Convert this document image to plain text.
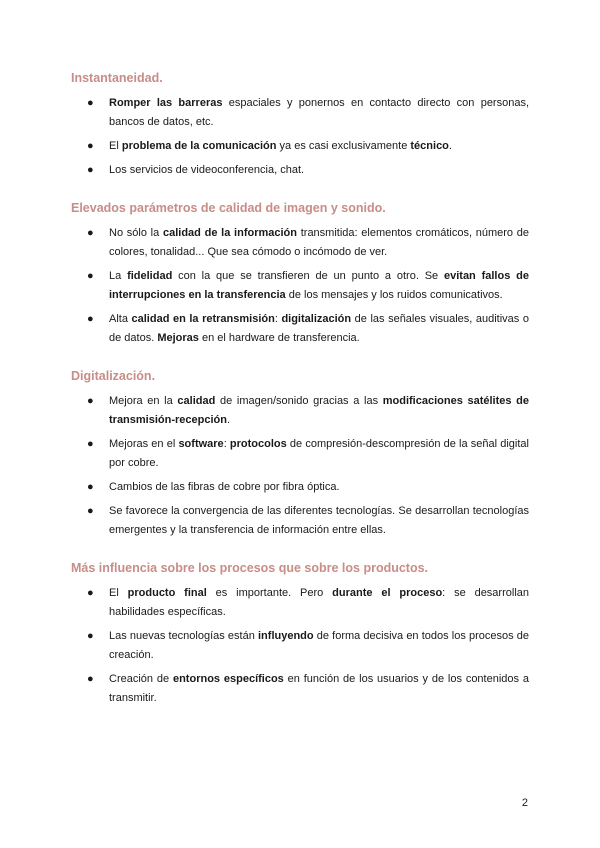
Instantaneidad.
● Romper las barreras espaciales y ponernos en contacto directo con personas, bancos de datos, etc.
● El problema de la comunicación ya es casi exclusivamente técnico.
● Los servicios de videoconferencia, chat.
Elevados parámetros de calidad de imagen y sonido.
● No sólo la calidad de la información transmitida: elementos cromáticos, número de colores, tonalidad... Que sea cómodo o incómodo de ver.
● La fidelidad con la que se transfieren de un punto a otro. Se evitan fallos de interrupciones en la transferencia de los mensajes y los ruidos comunicativos.
● Alta calidad en la retransmisión: digitalización de las señales visuales, auditivas o de datos. Mejoras en el hardware de transferencia.
Digitalización.
● Mejora en la calidad de imagen/sonido gracias a las modificaciones satélites de transmisión-recepción.
● Mejoras en el software: protocolos de compresión-descompresión de la señal digital por cobre.
● Cambios de las fibras de cobre por fibra óptica.
● Se favorece la convergencia de las diferentes tecnologías. Se desarrollan tecnologías emergentes y la transferencia de información entre ellas.
Más influencia sobre los procesos que sobre los productos.
● El producto final es importante. Pero durante el proceso: se desarrollan habilidades específicas.
● Las nuevas tecnologías están influyendo de forma decisiva en todos los procesos de creación.
● Creación de entornos específicos en función de los usuarios y de los contenidos a transmitir.
2
